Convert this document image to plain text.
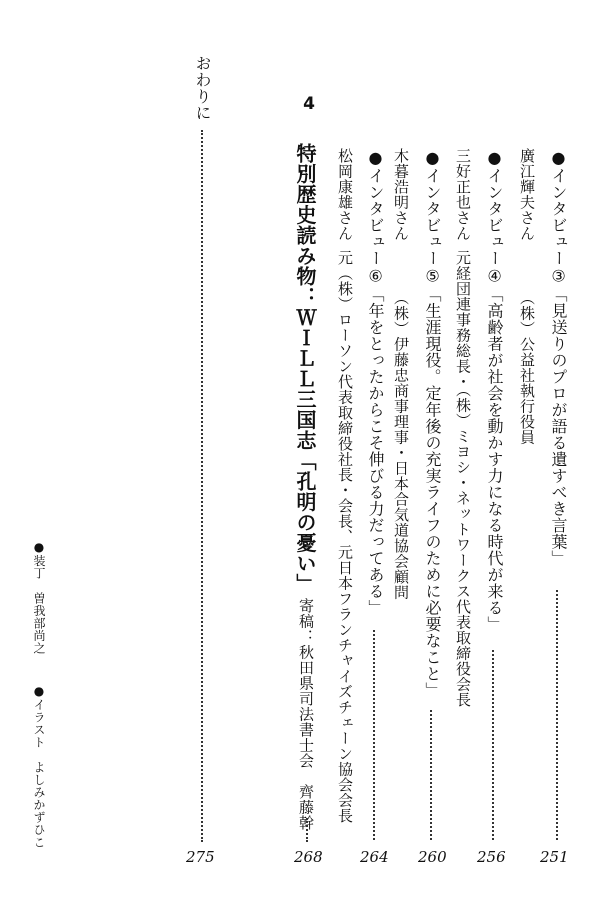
●インタビュー③「見送りのプロが語る遺すべき言葉」
廣江輝夫さん
（株）公益社執行役員
251
●インタビュー④「高齢者が社会を動かす力になる時代が来る」
三好正也さん
元経団連事務総長・（株）ミヨシ・ネットワークス代表取締役会長
256
●インタビュー⑤「生涯現役。定年後の充実ライフのために必要なこと」
木暮浩明さん
（株）伊藤忠商事理事・日本合気道協会顧問
260
●インタビュー⑥「年をとったからこそ伸びる力だってある」
松岡康雄さん
元（株）ローソン代表取締役社長・会長、元日本フランチャイズチェーン協会会長
264
4
特別歴史読み物：ＷＩＬＬ三国志「孔明の憂い」
寄稿：秋田県司法書士会　齊藤幹
268
おわりに
275
●装丁　曽我部尚之
●イラスト　よしみかずひこ
